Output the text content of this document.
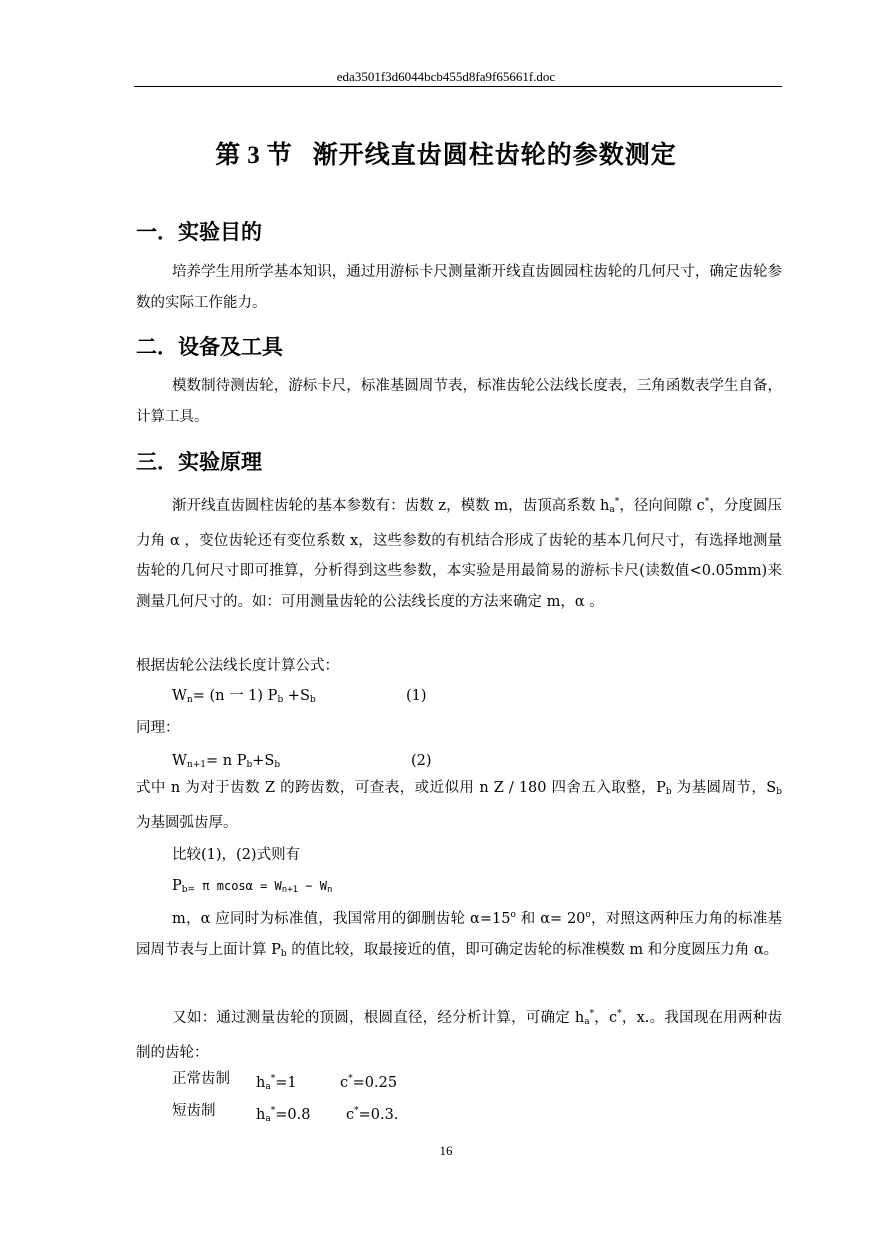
eda3501f3d6044bcb455d8fa9f65661f.doc
第 3 节 渐开线直齿圆柱齿轮的参数测定
一．实验目的
培养学生用所学基本知识，通过用游标卡尺测量渐开线直齿圆园柱齿轮的几何尺寸，确定齿轮参数的实际工作能力。
二．设备及工具
模数制待测齿轮，游标卡尺，标准基圆周节表，标准齿轮公法线长度表，三角函数表学生自备，计算工具。
三．实验原理
渐开线直齿圆柱齿轮的基本参数有：齿数 z，模数 m，齿顶高系数 $h_a^*$，径向间隙 c*，分度圆压力角 α ，变位齿轮还有变位系数 x，这些参数的有机结合形成了齿轮的基本几何尺寸，有选择地测量齿轮的几何尺寸即可推算，分析得到这些参数，本实验是用最简易的游标卡尺(读数值<0.05mm)来测量几何尺寸的。如：可用测量齿轮的公法线长度的方法来确定 m，α 。
根据齿轮公法线长度计算公式：
$W_n= (n$ 一 1) $P_b +S_b$	(1)
同理：
$W_{n+1}= n$ $P_b+S_b$	(2)
式中 n 为对于齿数 Z 的跨齿数，可查表，或近似用 n Z / 180 四舍五入取整，$P_b$ 为基圆周节，$S_b$ 为基圆弧齿厚。
比较(1)，(2)式则有
$P_{b=}$ π $mcos\alpha = W_{n+1} - W_n$
m，α 应同时为标准值，我国常用的御删齿轮 $\alpha=15^o$ 和 $\alpha= 20^o$，对照这两种压力角的标准基园周节表与上面计算 $P_b$ 的值比较，取最接近的值，即可确定齿轮的标准模数 m 和分度圆压力角 α。
又如：通过测量齿轮的顶圆，根圆直径，经分析计算，可确定 $h_a^*$，c*，x.。我国现在用两种齿制的齿轮：
正常齿制 $h_a^*=1$	c*=0.25
短齿制	$h_a^*=0.8$ c*=0.3.
16
